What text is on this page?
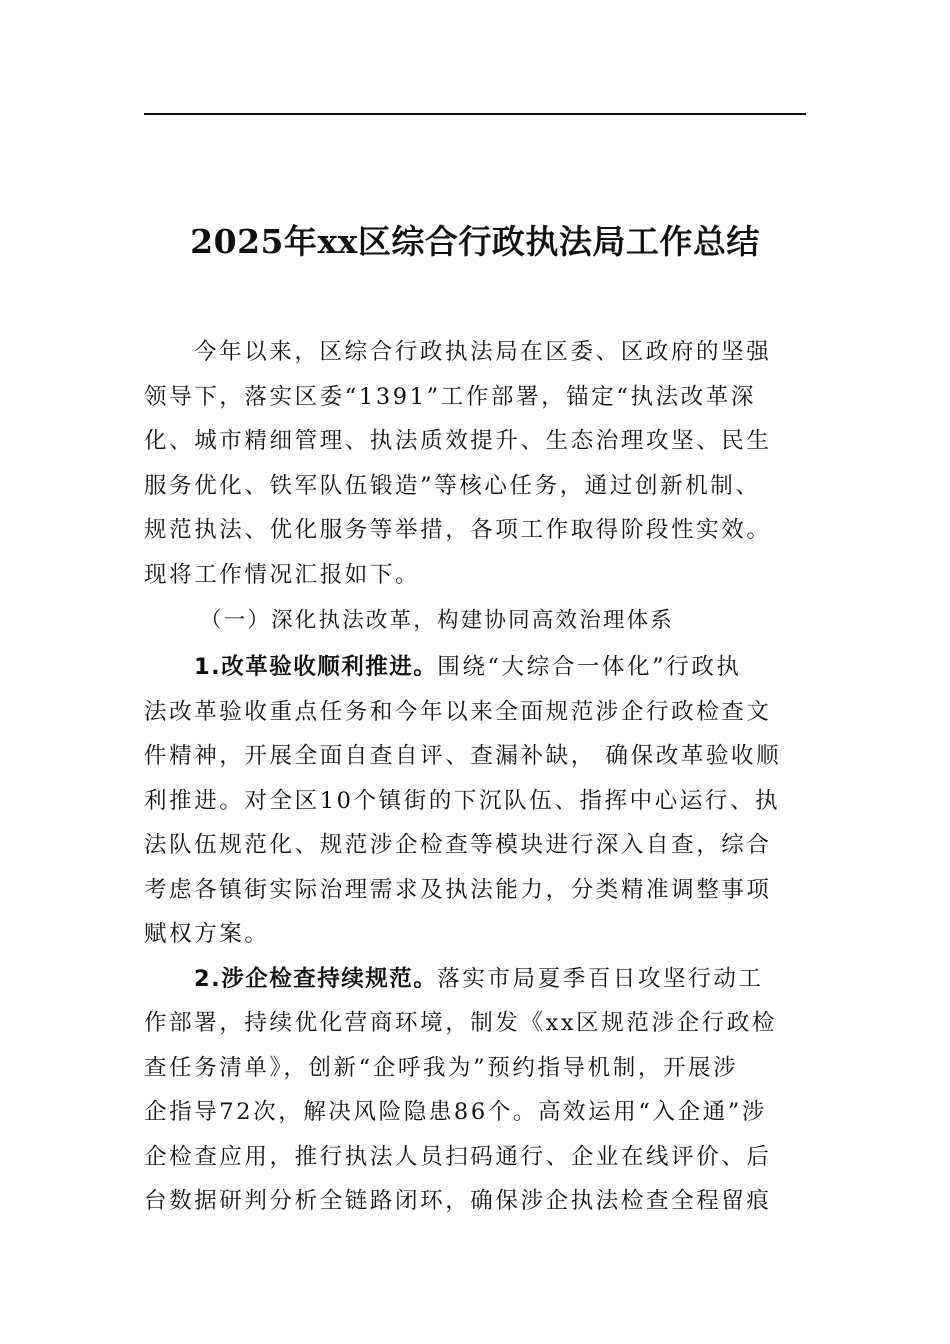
2025年xx区综合行政执法局工作总结

今年以来，区综合行政执法局在区委、区政府的坚强
领导下，落实区委“1391”工作部署，锚定“执法改革深
化、城市精细管理、执法质效提升、生态治理攻坚、民生
服务优化、铁军队伍锻造”等核心任务，通过创新机制、
规范执法、优化服务等举措，各项工作取得阶段性实效。
现将工作情况汇报如下。

（一）深化执法改革，构建协同高效治理体系

1.改革验收顺利推进。围绕“大综合一体化”行政执
法改革验收重点任务和今年以来全面规范涉企行政检查文
件精神，开展全面自查自评、查漏补缺， 确保改革验收顺
利推进。对全区10个镇街的下沉队伍、指挥中心运行、执
法队伍规范化、规范涉企检查等模块进行深入自查，综合
考虑各镇街实际治理需求及执法能力，分类精准调整事项
赋权方案。

2.涉企检查持续规范。落实市局夏季百日攻坚行动工
作部署，持续优化营商环境，制发《xx区规范涉企行政检
查任务清单》，创新“企呼我为”预约指导机制，开展涉
企指导72次，解决风险隐患86个。高效运用“入企通”涉
企检查应用，推行执法人员扫码通行、企业在线评价、后
台数据研判分析全链路闭环，确保涉企执法检查全程留痕
